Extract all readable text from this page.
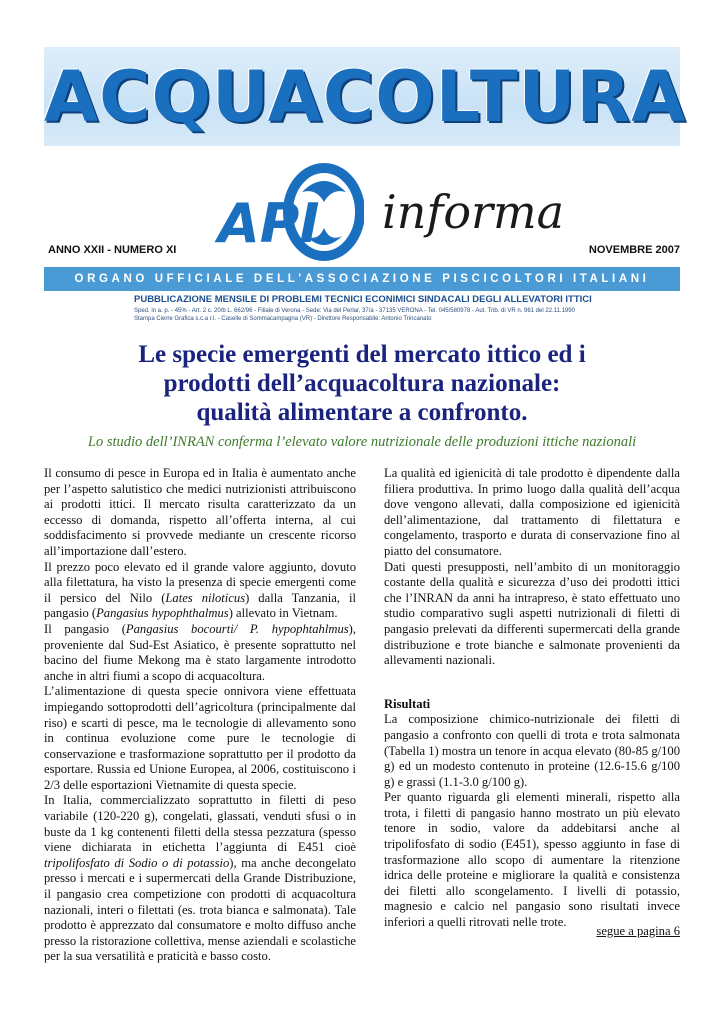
ACQUACOLTURA
API informa
ANNO XXII - NUMERO XI	NOVEMBRE 2007
ORGANO UFFICIALE DELL'ASSOCIAZIONE PISCICOLTORI ITALIANI
PUBBLICAZIONE MENSILE DI PROBLEMI TECNICI ECONIMICI SINDACALI DEGLI ALLEVATORI ITTICI
Sped. in a. p. - 45% - Art. 2 c. 20/b L. 662/96 - Filiale di Verona - Sede: Via del Perlar, 37/a - 37135 VERONA - Tel. 045/580978 - Aut. Trib. di VR n. 961 del 22.11.1990
Stampa Cierre Grafica s.c.a r.l. - Caselle di Sommacampagna (VR) - Direttore Responsabile: Antonio Trincanato
Le specie emergenti del mercato ittico ed i
prodotti dell’acquacoltura nazionale:
qualità alimentare a confronto.
Lo studio dell’INRAN conferma l’elevato valore nutrizionale delle produzioni ittiche nazionali

Il consumo di pesce in Europa ed in Italia è aumentato anche per l’aspetto salutistico che medici nutrizionisti attribuiscono ai prodotti ittici. Il mercato risulta caratterizzato da un eccesso di domanda, rispetto all’offerta interna, al cui soddisfacimento si provvede mediante un crescente ricorso all’importazione dall’estero.

Il prezzo poco elevato ed il grande valore aggiunto, dovuto alla filettatura, ha visto la presenza di specie emergenti come il persico del Nilo (Lates niloticus) dalla Tanzania, il pangasio (Pangasius hypophthalmus) allevato in Vietnam.

Il pangasio (Pangasius bocourti/ P. hypophtahlmus), proveniente dal Sud-Est Asiatico, è presente soprattutto nel bacino del fiume Mekong ma è stato largamente introdotto anche in altri fiumi a scopo di acquacoltura.

L’alimentazione di questa specie onnivora viene effettuata impiegando sottoprodotti dell’agricoltura (principalmente dal riso) e scarti di pesce, ma le tecnologie di allevamento sono in continua evoluzione come pure le tecnologie di conservazione e trasformazione soprattutto per il prodotto da esportare. Russia ed Unione Europea, al 2006, costituiscono i 2/3 delle esportazioni Vietnamite di questa specie.

In Italia, commercializzato soprattutto in filetti di peso variabile (120-220 g), congelati, glassati, venduti sfusi o in buste da 1 kg contenenti filetti della stessa pezzatura (spesso viene dichiarata in etichetta l’aggiunta di E451 cioè tripolifosfato di Sodio o di potassio), ma anche decongelato presso i mercati e i supermercati della Grande Distribuzione, il pangasio crea competizione con prodotti di acquacoltura nazionali, interi o filettati (es. trota bianca e salmonata). Tale prodotto è apprezzato dal consumatore e molto diffuso anche presso la ristorazione collettiva, mense aziendali e scolastiche per la sua versatilità e praticità e basso costo.

La qualità ed igienicità di tale prodotto è dipendente dalla filiera produttiva. In primo luogo dalla qualità dell’acqua dove vengono allevati, dalla composizione ed igienicità dell’alimentazione, dal trattamento di filettatura e congelamento, trasporto e durata di conservazione fino al piatto del consumatore.

Dati questi presupposti, nell’ambito di un monitoraggio costante della qualità e sicurezza d’uso dei prodotti ittici che l’INRAN da anni ha intrapreso, è stato effettuato uno studio comparativo sugli aspetti nutrizionali di filetti di pangasio prelevati da differenti supermercati della grande distribuzione e trote bianche e salmonate provenienti da allevamenti nazionali.

Risultati

La composizione chimico-nutrizionale dei filetti di pangasio a confronto con quelli di trota e trota salmonata (Tabella 1) mostra un tenore in acqua elevato (80-85 g/100 g) ed un modesto contenuto in proteine (12.6-15.6 g/100 g) e grassi (1.1-3.0 g/100 g).

Per quanto riguarda gli elementi minerali, rispetto alla trota, i filetti di pangasio hanno mostrato un più elevato tenore in sodio, valore da addebitarsi anche al tripolifosfato di sodio (E451), spesso aggiunto in fase di trasformazione allo scopo di aumentare la ritenzione idrica delle proteine e migliorare la qualità e consistenza dei filetti allo scongelamento. I livelli di potassio, magnesio e calcio nel pangasio sono risultati invece inferiori a quelli ritrovati nelle trote.

segue a pagina 6
